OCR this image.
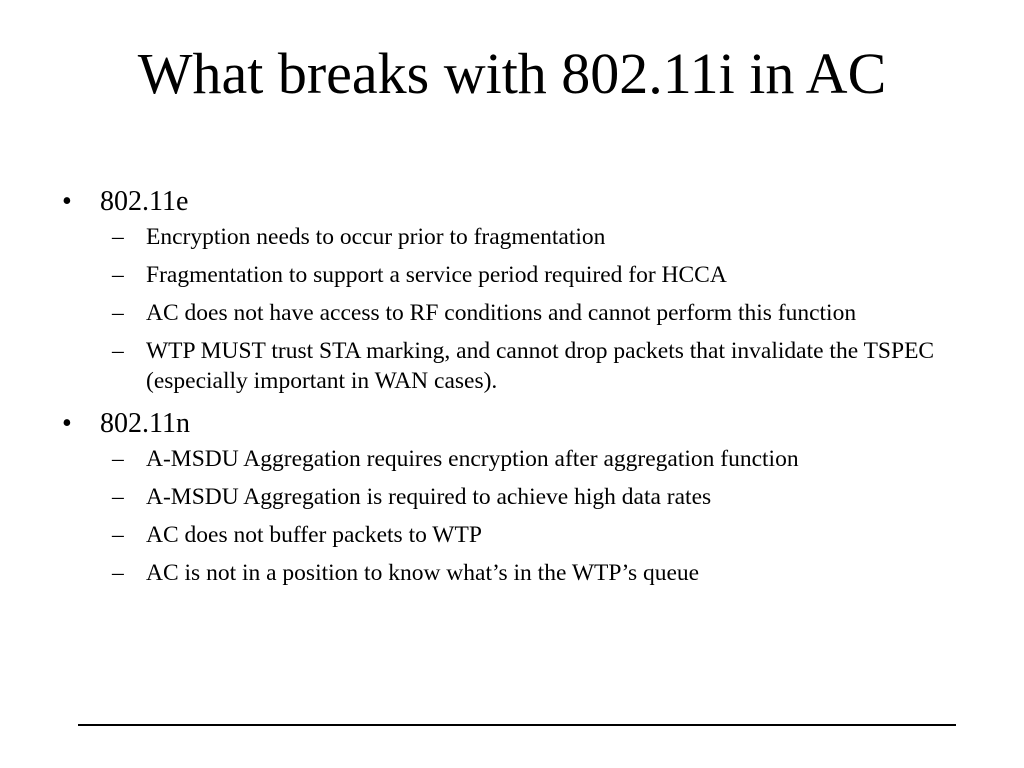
What breaks with 802.11i in AC
• 802.11e
– Encryption needs to occur prior to fragmentation
– Fragmentation to support a service period required for HCCA
– AC does not have access to RF conditions and cannot perform this function
– WTP MUST trust STA marking, and cannot drop packets that invalidate the TSPEC (especially important in WAN cases).
• 802.11n
– A-MSDU Aggregation requires encryption after aggregation function
– A-MSDU Aggregation is required to achieve high data rates
– AC does not buffer packets to WTP
– AC is not in a position to know what’s in the WTP’s queue
